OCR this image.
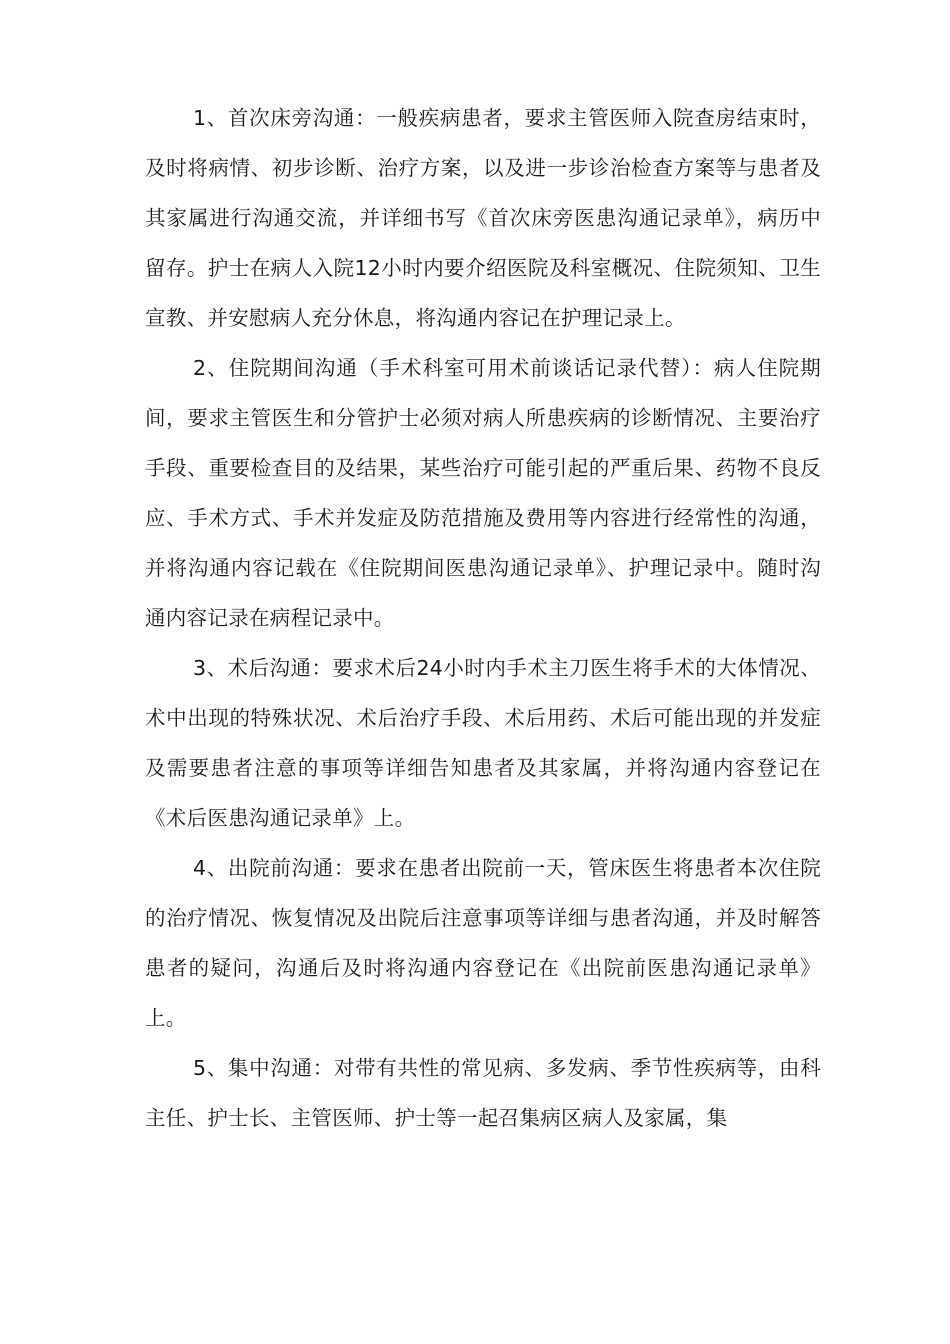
1、首次床旁沟通：一般疾病患者，要求主管医师入院查房结束时，及时将病情、初步诊断、治疗方案，以及进一步诊治检查方案等与患者及其家属进行沟通交流，并详细书写《首次床旁医患沟通记录单》，病历中留存。护士在病人入院12小时内要介绍医院及科室概况、住院须知、卫生宣教、并安慰病人充分休息，将沟通内容记在护理记录上。

2、住院期间沟通（手术科室可用术前谈话记录代替）：病人住院期间，要求主管医生和分管护士必须对病人所患疾病的诊断情况、主要治疗手段、重要检查目的及结果，某些治疗可能引起的严重后果、药物不良反应、手术方式、手术并发症及防范措施及费用等内容进行经常性的沟通，并将沟通内容记载在《住院期间医患沟通记录单》、护理记录中。随时沟通内容记录在病程记录中。

3、术后沟通：要求术后24小时内手术主刀医生将手术的大体情况、术中出现的特殊状况、术后治疗手段、术后用药、术后可能出现的并发症及需要患者注意的事项等详细告知患者及其家属，并将沟通内容登记在《术后医患沟通记录单》上。

4、出院前沟通：要求在患者出院前一天，管床医生将患者本次住院的治疗情况、恢复情况及出院后注意事项等详细与患者沟通，并及时解答患者的疑问，沟通后及时将沟通内容登记在《出院前医患沟通记录单》上。

5、集中沟通：对带有共性的常见病、多发病、季节性疾病等，由科主任、护士长、主管医师、护士等一起召集病区病人及家属，集
